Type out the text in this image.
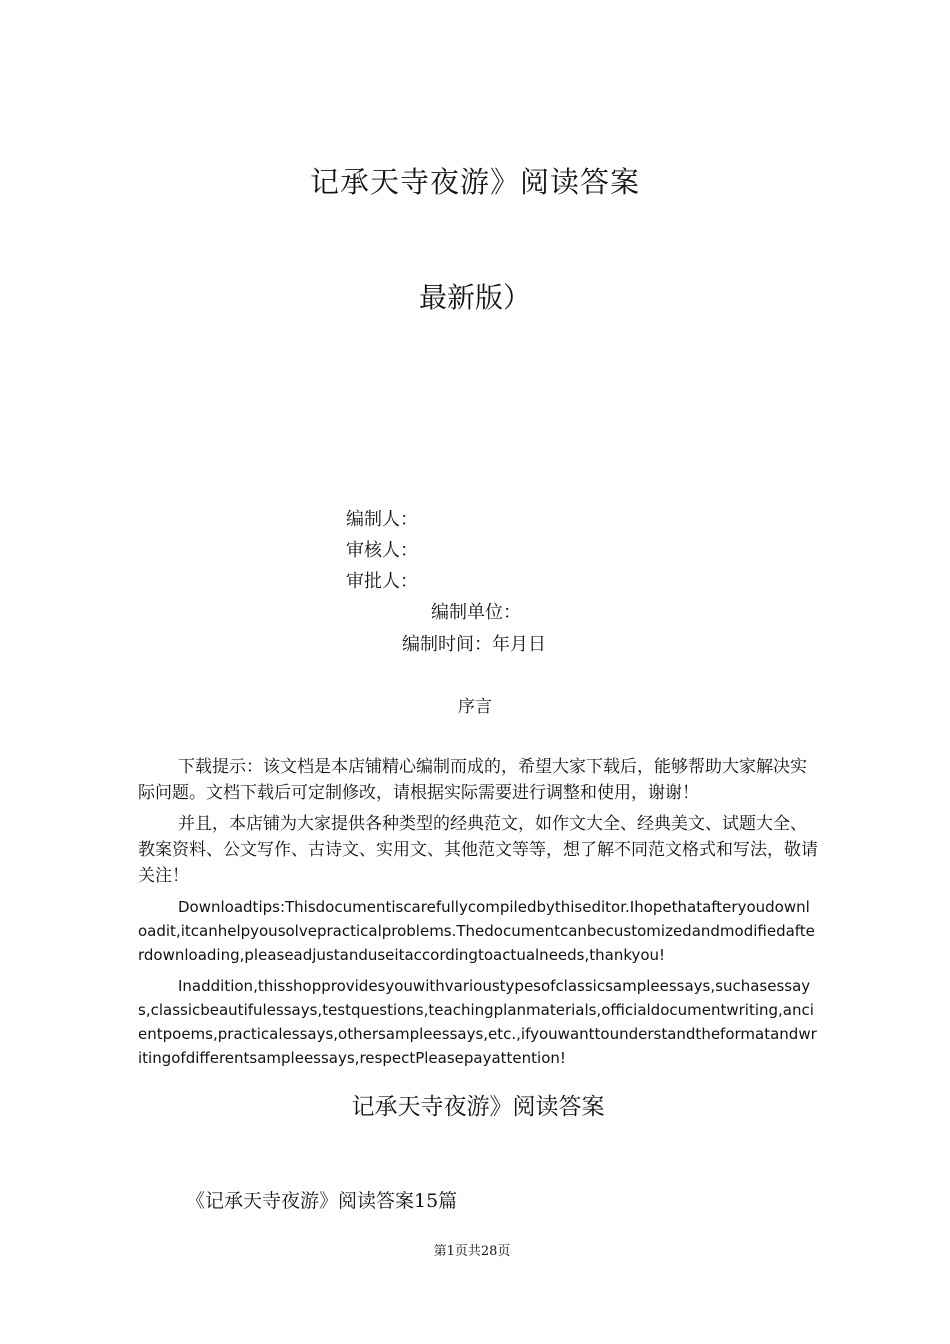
记承天寺夜游》阅读答案
最新版）
编制人：
审核人：
审批人：
编制单位：
编制时间：年月日
序言

下载提示：该文档是本店铺精心编制而成的，希望大家下载后，能够帮助大家解决实际问题。文档下载后可定制修改，请根据实际需要进行调整和使用，谢谢！

并且，本店铺为大家提供各种类型的经典范文，如作文大全、经典美文、试题大全、教案资料、公文写作、古诗文、实用文、其他范文等等，想了解不同范文格式和写法，敬请关注！

Downloadtips:Thisdocumentiscarefullycompiledbythiseditor.Ihopethatafteryoudownloadit,itcanhelpyousolvepracticalproblems.Thedocumentcanbecustomizedandmodifiedafterdownloading,pleaseadjustanduseitaccordingtoactualneeds,thankyou!

Inaddition,thisshopprovidesyouwithvarioustypesofclassicsampleessays,suchasessays,classicbeautifulessays,testquestions,teachingplanmaterials,officialdocumentwriting,ancientpoems,practicalessays,othersampleessays,etc.,ifyouwanttounderstandtheformatandwritingofdifferentsampleessays,respectPleasepayattention!

记承天寺夜游》阅读答案
《记承天寺夜游》阅读答案15篇
第1页共28页
